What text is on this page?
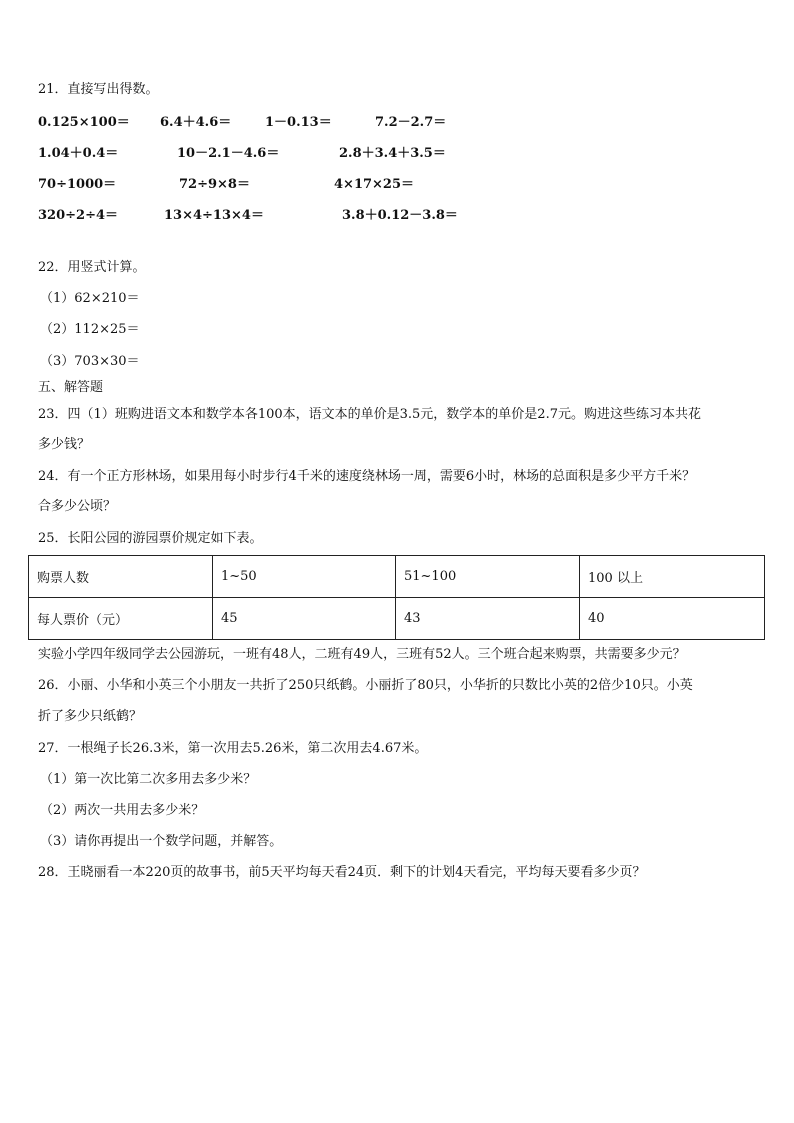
21．直接写出得数。
0.125×100＝ 6.4＋4.6＝	1－0.13＝	7.2－2.7＝
1.04＋0.4＝	10－2.1－4.6＝	2.8＋3.4＋3.5＝
70÷1000＝	72÷9×8＝	4×17×25＝
320÷2÷4＝	13×4÷13×4＝	3.8＋0.12－3.8＝
22．用竖式计算。
（1）62×210＝
（2）112×25＝
（3）703×30＝
五、解答题
23．四（1）班购进语文本和数学本各100本，语文本的单价是3.5元，数学本的单价是2.7元。购进这些练习本共花
多少钱？
24．有一个正方形林场，如果用每小时步行4千米的速度绕林场一周，需要6小时，林场的总面积是多少平方千米？
合多少公顷？
25．长阳公园的游园票价规定如下表。
购票人数	1~50	51~100	100 以上
每人票价（元）	45	43	40
实验小学四年级同学去公园游玩，一班有48人，二班有49人，三班有52人。三个班合起来购票，共需要多少元？
26．小丽、小华和小英三个小朋友一共折了250只纸鹤。小丽折了80只，小华折的只数比小英的2倍少10只。小英
折了多少只纸鹤？
27．一根绳子长26.3米，第一次用去5.26米，第二次用去4.67米。
（1）第一次比第二次多用去多少米？
（2）两次一共用去多少米？
（3）请你再提出一个数学问题，并解答。
28．王晓丽看一本220页的故事书，前5天平均每天看24页．剩下的计划4天看完，平均每天要看多少页？
